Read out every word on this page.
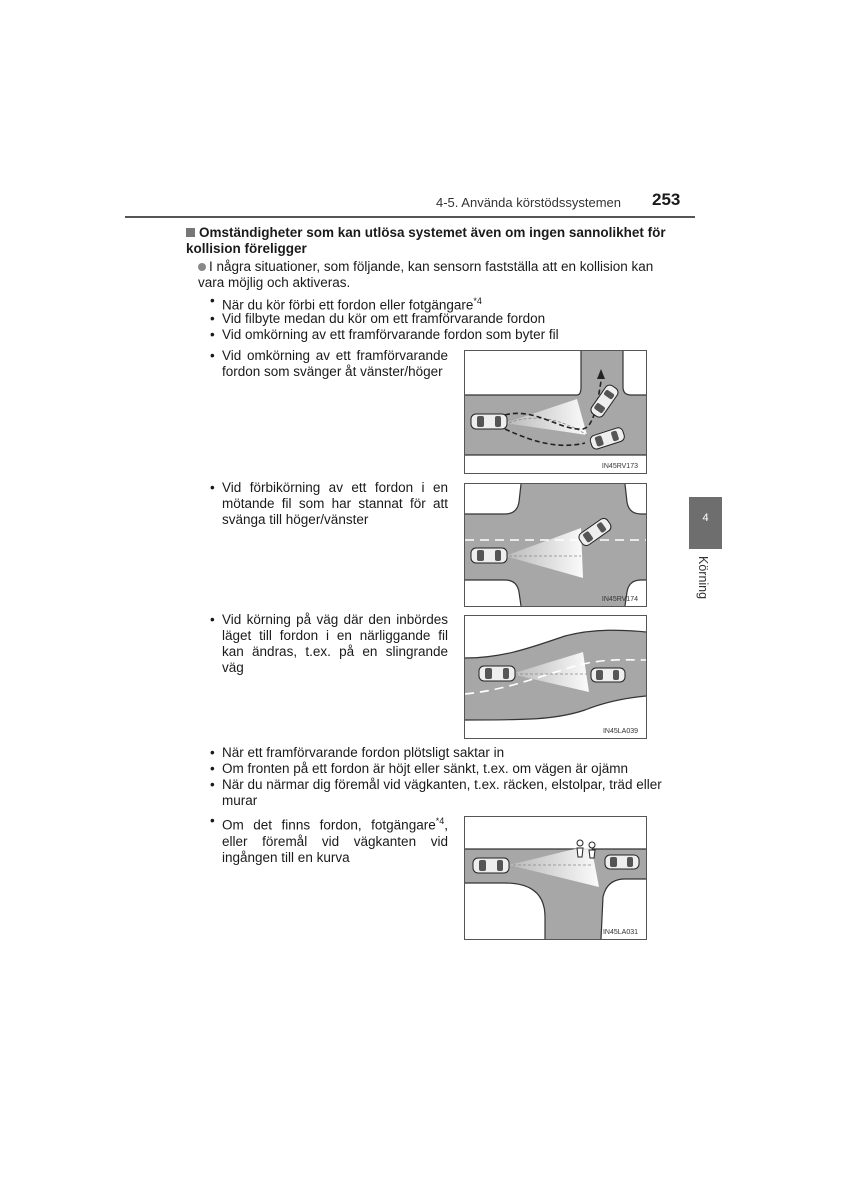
4-5. Använda körstödssystemen 253
4
Körning
Omständigheter som kan utlösa systemet även om ingen sannolikhet för kollision föreligger
I några situationer, som följande, kan sensorn fastställa att en kollision kan vara möjlig och aktiveras.
• När du kör förbi ett fordon eller fotgängare$^{*4}$
• Vid filbyte medan du kör om ett framförvarande fordon
• Vid omkörning av ett framförvarande fordon som byter fil
• Vid omkörning av ett framförvarande fordon som svänger åt vänster/höger
IN45RV173
• Vid förbikörning av ett fordon i en mötande fil som har stannat för att svänga till höger/vänster
IN45RV174
• Vid körning på väg där den inbördes läget till fordon i en närliggande fil kan ändras, t.ex. på en slingrande väg
IN45LA039
• När ett framförvarande fordon plötsligt saktar in
• Om fronten på ett fordon är höjt eller sänkt, t.ex. om vägen är ojämn
• När du närmar dig föremål vid vägkanten, t.ex. räcken, elstolpar, träd eller murar
• Om det finns fordon, fotgängare$^{*4}$, eller föremål vid vägkanten vid ingången till en kurva
IN45LA031
